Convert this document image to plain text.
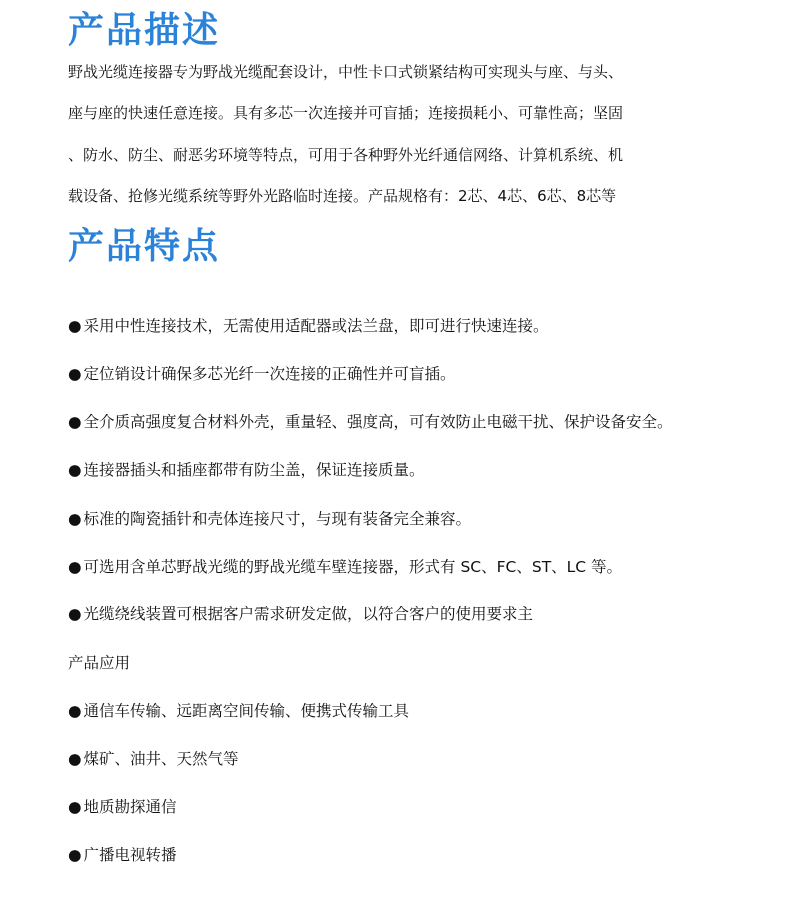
产品描述

野战光缆连接器专为野战光缆配套设计，中性卡口式锁紧结构可实现头与座、与头、

座与座的快速任意连接。具有多芯一次连接并可盲插；连接损耗小、可靠性高；坚固

、防水、防尘、耐恶劣环境等特点，可用于各种野外光纤通信网络、计算机系统、机

载设备、抢修光缆系统等野外光路临时连接。产品规格有：2芯、4芯、6芯、8芯等

产品特点

● 采用中性连接技术，无需使用适配器或法兰盘，即可进行快速连接。

● 定位销设计确保多芯光纤一次连接的正确性并可盲插。

● 全介质高强度复合材料外壳，重量轻、强度高，可有效防止电磁干扰、保护设备安全。

● 连接器插头和插座都带有防尘盖，保证连接质量。

● 标准的陶瓷插针和壳体连接尺寸，与现有装备完全兼容。

● 可选用含单芯野战光缆的野战光缆车壁连接器，形式有 SC、FC、ST、LC 等。

● 光缆绕线装置可根据客户需求研发定做，以符合客户的使用要求主

产品应用

● 通信车传输、远距离空间传输、便携式传输工具

● 煤矿、油井、天然气等

● 地质勘探通信

● 广播电视转播
